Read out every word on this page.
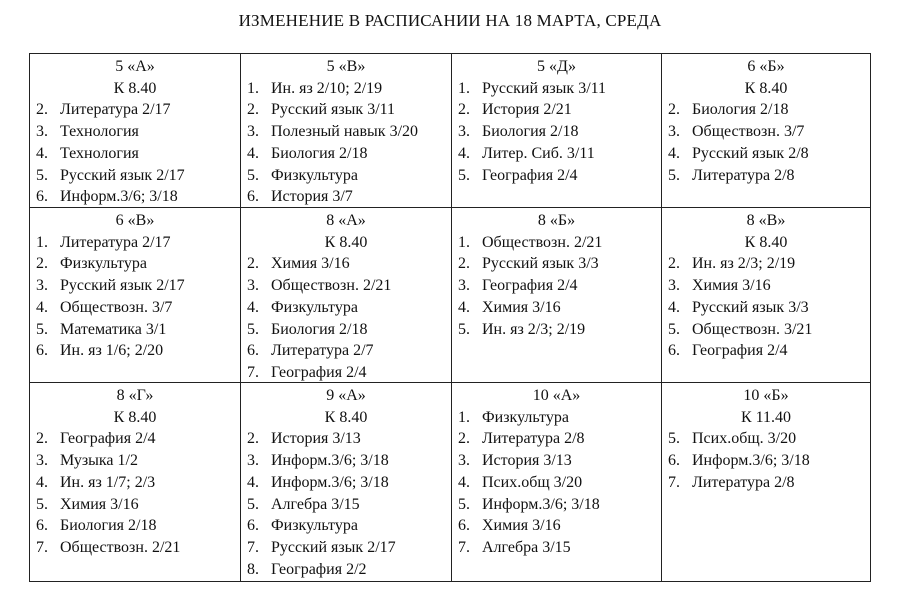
ИЗМЕНЕНИЕ В РАСПИСАНИИ НА 18 МАРТА, СРЕДА
5 «А»
К 8.40
2. Литература 2/17
3. Технология
4. Технология
5. Русский язык 2/17
6. Информ.3/6; 3/18
5 «В»
1. Ин. яз 2/10; 2/19
2. Русский язык 3/11
3. Полезный навык 3/20
4. Биология 2/18
5. Физкультура
6. История 3/7
5 «Д»
1. Русский язык 3/11
2. История 2/21
3. Биология 2/18
4. Литер. Сиб. 3/11
5. География 2/4
6 «Б»
К 8.40
2. Биология 2/18
3. Обществозн. 3/7
4. Русский язык 2/8
5. Литература 2/8
6 «В»
1. Литература 2/17
2. Физкультура
3. Русский язык 2/17
4. Обществозн. 3/7
5. Математика 3/1
6. Ин. яз 1/6; 2/20
8 «А»
К 8.40
2. Химия 3/16
3. Обществозн. 2/21
4. Физкультура
5. Биология 2/18
6. Литература 2/7
7. География 2/4
8 «Б»
1. Обществозн. 2/21
2. Русский язык 3/3
3. География 2/4
4. Химия 3/16
5. Ин. яз 2/3; 2/19
8 «В»
К 8.40
2. Ин. яз 2/3; 2/19
3. Химия 3/16
4. Русский язык 3/3
5. Обществозн. 3/21
6. География 2/4
8 «Г»
К 8.40
2. География 2/4
3. Музыка 1/2
4. Ин. яз 1/7; 2/3
5. Химия 3/16
6. Биология 2/18
7. Обществозн. 2/21
9 «А»
К 8.40
2. История 3/13
3. Информ.3/6; 3/18
4. Информ.3/6; 3/18
5. Алгебра 3/15
6. Физкультура
7. Русский язык 2/17
8. География 2/2
10 «А»
1. Физкультура
2. Литература 2/8
3. История 3/13
4. Псих.общ 3/20
5. Информ.3/6; 3/18
6. Химия 3/16
7. Алгебра 3/15
10 «Б»
К 11.40
5. Псих.общ. 3/20
6. Информ.3/6; 3/18
7. Литература 2/8
